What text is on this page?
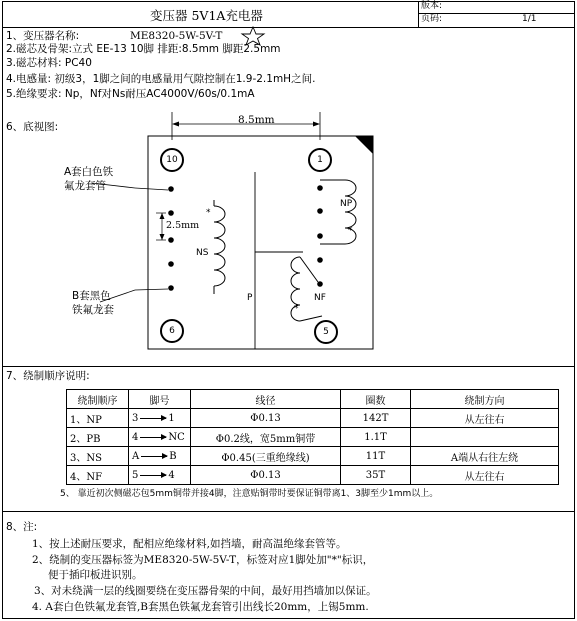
变压器 5V1A充电器
版本:
页码:	1/1
1、变压器名称:	ME8320-5W-5V-T
2.磁芯及骨架:立式 EE-13 10脚 排距:8.5mm 脚距2.5mm
3.磁芯材料: PC40
4.电感量: 初级3，1脚之间的电感量用气隙控制在1.9-2.1mH之间.
5.绝缘要求: Np，Nf对Ns耐压AC4000V/60s/0.1mA
6、底视图:
8.5mm
2.5mm
10	1
6	5
A套白色铁
氟龙套管
B套黑色
铁氟龙套
NS
NP
NF
P
*
*
*
7、绕制顺序说明:
绕制顺序	脚号	线径	圈数	绕制方向
1、NP	3 1	Φ0.13	142T	从左往右
2、PB	4 NC	Φ0.2线，宽5mm铜带	1.1T	
3、NS	A B	Φ0.45(三重绝缘线)	11T	A端从右往左绕
4、NF	5 4	Φ0.13	35T	从左往右
5、 靠近初次侧磁芯包5mm铜带并接4脚，注意贴铜带时要保证铜带离1、3脚至少1mm以上。
8、注:
1、按上述耐压要求，配相应绝缘材料,如挡墙，耐高温绝缘套管等。
2、绕制的变压器标签为ME8320-5W-5V-T，标签对应1脚处加"*"标识，
便于插印板进识别。
3、对未绕满一层的线圈要绕在变压器骨架的中间，最好用挡墙加以保证。
4. A套白色铁氟龙套管,B套黑色铁氟龙套管引出线长20mm，上锡5mm.
